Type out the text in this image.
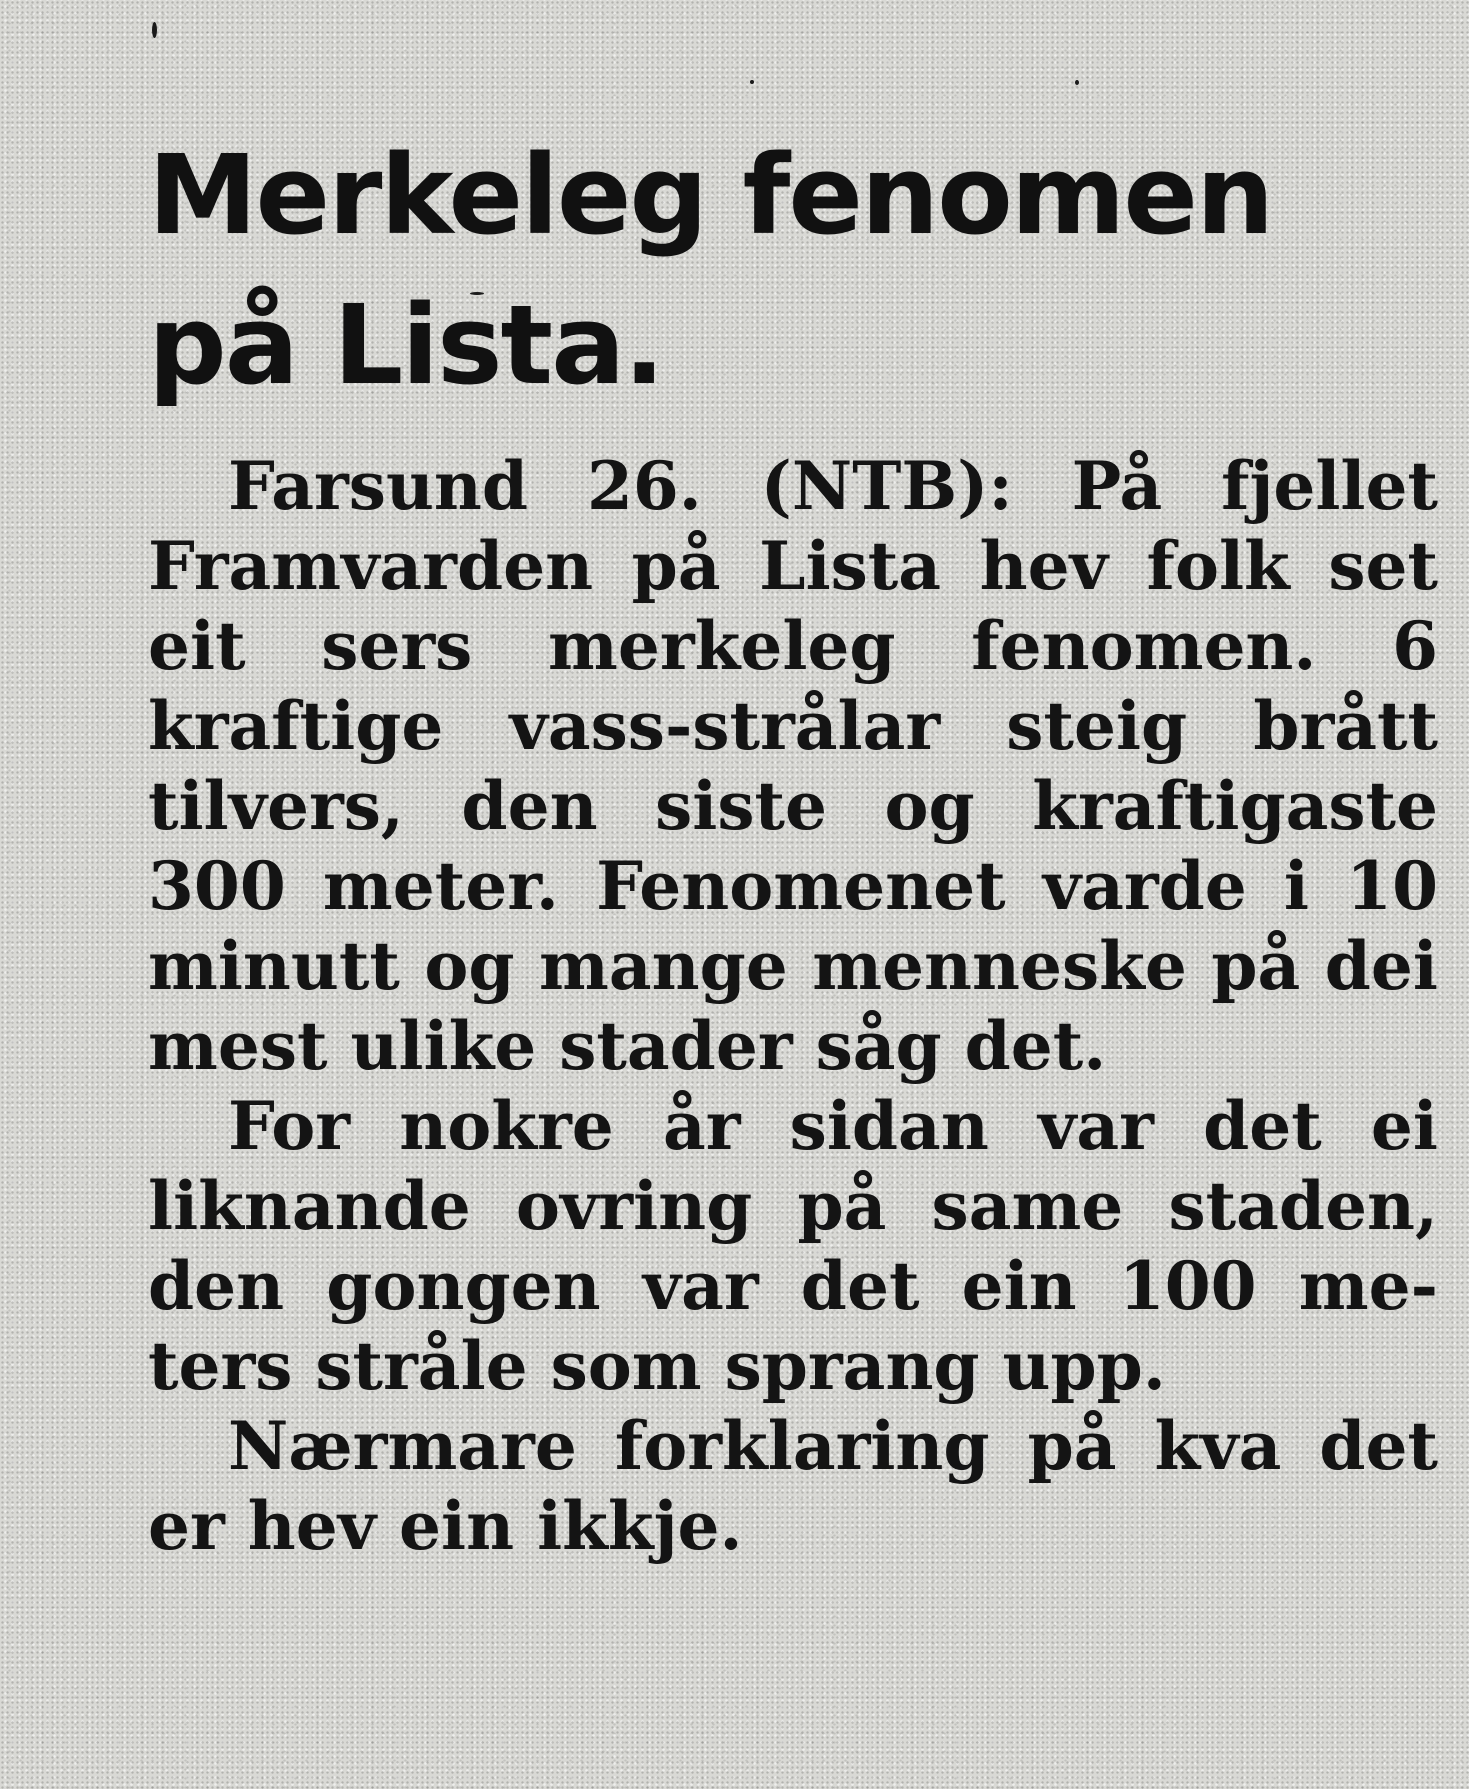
Merkeleg fenomen på Lista.

Farsund 26. (NTB): På fjellet Framvarden på Lista hev folk set eit sers merkeleg fenomen. 6 kraftige vass-strålar steig brått tilvers, den siste og kraftigaste 300 meter. Fenomenet varde i 10 minutt og mange menneske på dei mest ulike stader såg det.

For nokre år sidan var det ei liknande ovring på same staden, den gongen var det ein 100 meters stråle som sprang upp.

Nærmare forklaring på kva det er hev ein ikkje.
